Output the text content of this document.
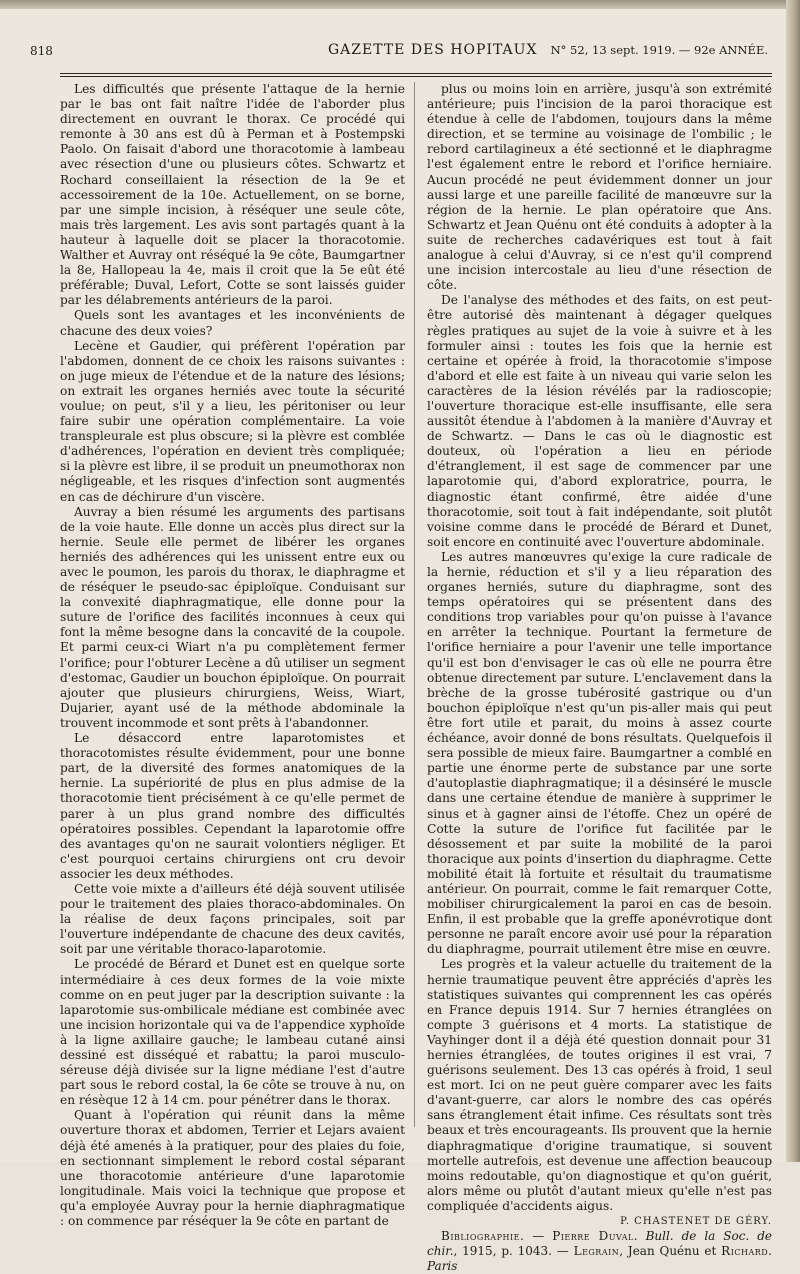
818	GAZETTE DES HOPITAUX N° 52, 13 sept. 1919. — 92e ANNÉE.

Les difficultés que présente l'attaque de la hernie par le bas ont fait naître l'idée de l'aborder plus directement en ouvrant le thorax. Ce procédé qui remonte à 30 ans est dû à Perman et à Postempski Paolo. On faisait d'abord une thoracotomie à lambeau avec résection d'une ou plusieurs côtes. Schwartz et Rochard conseillaient la résection de la 9e et accessoirement de la 10e. Actuellement, on se borne, par une simple incision, à réséquer une seule côte, mais très largement. Les avis sont partagés quant à la hauteur à laquelle doit se placer la thoracotomie. Walther et Auvray ont réséqué la 9e côte, Baumgartner la 8e, Hallopeau la 4e, mais il croit que la 5e eût été préférable; Duval, Lefort, Cotte se sont laissés guider par les délabrements antérieurs de la paroi.

Quels sont les avantages et les inconvénients de chacune des deux voies?

Lecène et Gaudier, qui préfèrent l'opération par l'abdomen, donnent de ce choix les raisons suivantes : on juge mieux de l'étendue et de la nature des lésions; on extrait les organes herniés avec toute la sécurité voulue; on peut, s'il y a lieu, les péritoniser ou leur faire subir une opération complémentaire. La voie transpleurale est plus obscure; si la plèvre est comblée d'adhérences, l'opération en devient très compliquée; si la plèvre est libre, il se produit un pneumothorax non négligeable, et les risques d'infection sont augmentés en cas de déchirure d'un viscère.

Auvray a bien résumé les arguments des partisans de la voie haute. Elle donne un accès plus direct sur la hernie. Seule elle permet de libérer les organes herniés des adhérences qui les unissent entre eux ou avec le poumon, les parois du thorax, le diaphragme et de réséquer le pseudo-sac épiploïque. Conduisant sur la convexité diaphragmatique, elle donne pour la suture de l'orifice des facilités inconnues à ceux qui font la même besogne dans la concavité de la coupole. Et parmi ceux-ci Wiart n'a pu complètement fermer l'orifice; pour l'obturer Lecène a dû utiliser un segment d'estomac, Gaudier un bouchon épiploïque. On pourrait ajouter que plusieurs chirurgiens, Weiss, Wiart, Dujarier, ayant usé de la méthode abdominale la trouvent incommode et sont prêts à l'abandonner.

Le désaccord entre laparotomistes et thoracotomistes résulte évidemment, pour une bonne part, de la diversité des formes anatomiques de la hernie. La supériorité de plus en plus admise de la thoracotomie tient précisément à ce qu'elle permet de parer à un plus grand nombre des difficultés opératoires possibles. Cependant la laparotomie offre des avantages qu'on ne saurait volontiers négliger. Et c'est pourquoi certains chirurgiens ont cru devoir associer les deux méthodes.

Cette voie mixte a d'ailleurs été déjà souvent utilisée pour le traitement des plaies thoraco-abdominales. On la réalise de deux façons principales, soit par l'ouverture indépendante de chacune des deux cavités, soit par une véritable thoraco-laparotomie.

Le procédé de Bérard et Dunet est en quelque sorte intermédiaire à ces deux formes de la voie mixte comme on en peut juger par la description suivante : la laparotomie sus-ombilicale médiane est combinée avec une incision horizontale qui va de l'appendice xyphoïde à la ligne axillaire gauche; le lambeau cutané ainsi dessiné est disséqué et rabattu; la paroi musculo-séreuse déjà divisée sur la ligne médiane l'est d'autre part sous le rebord costal, la 6e côte se trouve à nu, on en résèque 12 à 14 cm. pour pénétrer dans le thorax.

Quant à l'opération qui réunit dans la même ouverture thorax et abdomen, Terrier et Lejars avaient déjà été amenés à la pratiquer, pour des plaies du foie, en sectionnant simplement le rebord costal séparant une thoracotomie antérieure d'une laparotomie longitudinale. Mais voici la technique que propose et qu'a employée Auvray pour la hernie diaphragmatique : on commence par réséquer la 9e côte en partant de

plus ou moins loin en arrière, jusqu'à son extrémité antérieure; puis l'incision de la paroi thoracique est étendue à celle de l'abdomen, toujours dans la même direction, et se termine au voisinage de l'ombilic ; le rebord cartilagineux a été sectionné et le diaphragme l'est également entre le rebord et l'orifice herniaire. Aucun procédé ne peut évidemment donner un jour aussi large et une pareille facilité de manœuvre sur la région de la hernie. Le plan opératoire que Ans. Schwartz et Jean Quénu ont été conduits à adopter à la suite de recherches cadavériques est tout à fait analogue à celui d'Auvray, si ce n'est qu'il comprend une incision intercostale au lieu d'une résection de côte.

De l'analyse des méthodes et des faits, on est peut-être autorisé dès maintenant à dégager quelques règles pratiques au sujet de la voie à suivre et à les formuler ainsi : toutes les fois que la hernie est certaine et opérée à froid, la thoracotomie s'impose d'abord et elle est faite à un niveau qui varie selon les caractères de la lésion révélés par la radioscopie; l'ouverture thoracique est-elle insuffisante, elle sera aussitôt étendue à l'abdomen à la manière d'Auvray et de Schwartz. — Dans le cas où le diagnostic est douteux, où l'opération a lieu en période d'étranglement, il est sage de commencer par une laparotomie qui, d'abord exploratrice, pourra, le diagnostic étant confirmé, être aidée d'une thoracotomie, soit tout à fait indépendante, soit plutôt voisine comme dans le procédé de Bérard et Dunet, soit encore en continuité avec l'ouverture abdominale.

Les autres manœuvres qu'exige la cure radicale de la hernie, réduction et s'il y a lieu réparation des organes herniés, suture du diaphragme, sont des temps opératoires qui se présentent dans des conditions trop variables pour qu'on puisse à l'avance en arrêter la technique. Pourtant la fermeture de l'orifice herniaire a pour l'avenir une telle importance qu'il est bon d'envisager le cas où elle ne pourra être obtenue directement par suture. L'enclavement dans la brèche de la grosse tubérosité gastrique ou d'un bouchon épiploïque n'est qu'un pis-aller mais qui peut être fort utile et parait, du moins à assez courte échéance, avoir donné de bons résultats. Quelquefois il sera possible de mieux faire. Baumgartner a comblé en partie une énorme perte de substance par une sorte d'autoplastie diaphragmatique; il a désinséré le muscle dans une certaine étendue de manière à supprimer le sinus et à gagner ainsi de l'étoffe. Chez un opéré de Cotte la suture de l'orifice fut facilitée par le désossement et par suite la mobilité de la paroi thoracique aux points d'insertion du diaphragme. Cette mobilité était là fortuite et résultait du traumatisme antérieur. On pourrait, comme le fait remarquer Cotte, mobiliser chirurgicalement la paroi en cas de besoin. Enfin, il est probable que la greffe aponévrotique dont personne ne paraît encore avoir usé pour la réparation du diaphragme, pourrait utilement être mise en œuvre.

Les progrès et la valeur actuelle du traitement de la hernie traumatique peuvent être appréciés d'après les statistiques suivantes qui comprennent les cas opérés en France depuis 1914. Sur 7 hernies étranglées on compte 3 guérisons et 4 morts. La statistique de Vayhinger dont il a déjà été question donnait pour 31 hernies étranglées, de toutes origines il est vrai, 7 guérisons seulement. Des 13 cas opérés à froid, 1 seul est mort. Ici on ne peut guère comparer avec les faits d'avant-guerre, car alors le nombre des cas opérés sans étranglement était infime. Ces résultats sont très beaux et très encourageants. Ils prouvent que la hernie diaphragmatique d'origine traumatique, si souvent mortelle autrefois, est devenue une affection beaucoup moins redoutable, qu'on diagnostique et qu'on guérit, alors même ou plutôt d'autant mieux qu'elle n'est pas compliquée d'accidents aigus.

P. CHASTENET DE GÉRY.

Bibliographie. — Pierre Duval. Bull. de la Soc. de chir., 1915, p. 1043. — Legrain, Jean Quénu et Richard. Paris
